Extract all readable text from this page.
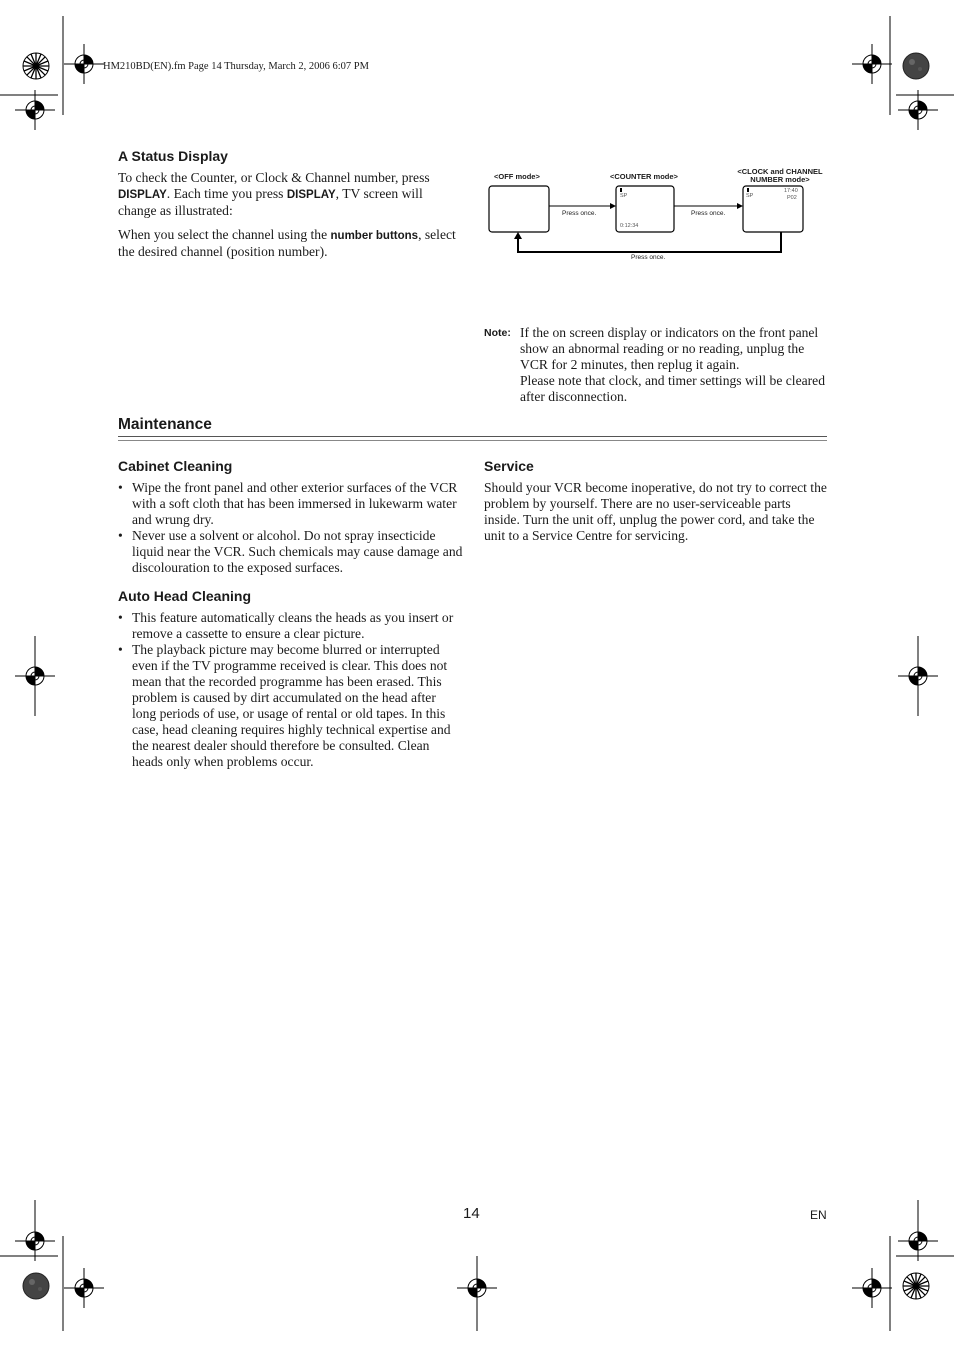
HM210BD(EN).fm Page 14 Thursday, March 2, 2006 6:07 PM
A Status Display

To check the Counter, or Clock & Channel number, press DISPLAY. Each time you press DISPLAY, TV screen will change as illustrated:

When you select the channel using the number buttons, select the desired channel (position number).

<OFF mode>	<COUNTER mode>
<CLOCK and CHANNEL
NUMBER mode>
Press once.	Press once.
Press once.
SP
0:12:34
SP
17:40
P02
Note: If the on screen display or indicators on the front panel show an abnormal reading or no reading, unplug the VCR for 2 minutes, then replug it again.

Please note that clock, and timer settings will be cleared after disconnection.

Maintenance
Cabinet Cleaning
• Wipe the front panel and other exterior surfaces of the VCR with a soft cloth that has been immersed in lukewarm water and wrung dry.
• Never use a solvent or alcohol. Do not spray insecticide liquid near the VCR. Such chemicals may cause damage and discolouration to the exposed surfaces.
Auto Head Cleaning
• This feature automatically cleans the heads as you insert or remove a cassette to ensure a clear picture.
• The playback picture may become blurred or interrupted even if the TV programme received is clear. This does not mean that the recorded programme has been erased. This problem is caused by dirt accumulated on the head after long periods of use, or usage of rental or old tapes. In this case, head cleaning requires highly technical expertise and the nearest dealer should therefore be consulted. Clean heads only when problems occur.
Service

Should your VCR become inoperative, do not try to correct the problem by yourself. There are no user-serviceable parts inside. Turn the unit off, unplug the power cord, and take the unit to a Service Centre for servicing.

14	EN
